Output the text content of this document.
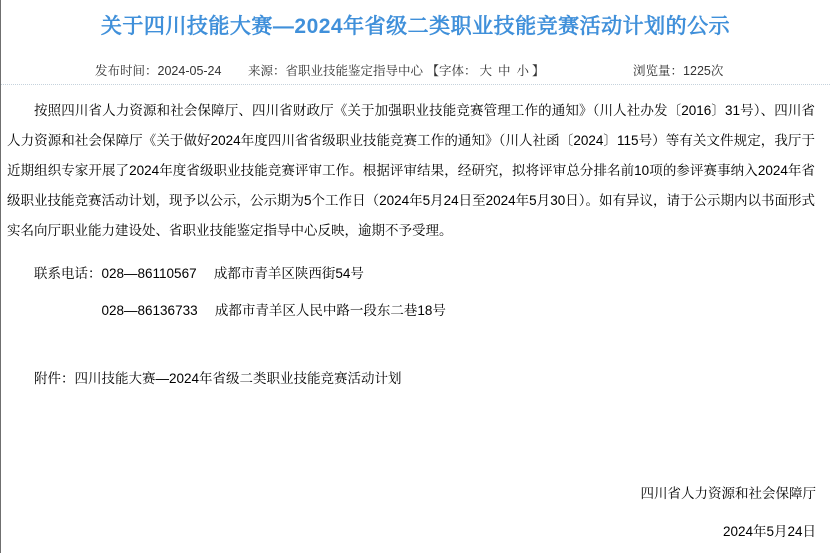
关于四川技能大赛—2024年省级二类职业技能竞赛活动计划的公示
发布时间：2024-05-24 来源：省职业技能鉴定指导中心 【字体： 大 中 小 】	浏览量：1225次

按照四川省人力资源和社会保障厅、四川省财政厅《关于加强职业技能竞赛管理工作的通知》（川人社办发〔2016〕31号）、四川省人力资源和社会保障厅《关于做好2024年度四川省省级职业技能竞赛工作的通知》（川人社函〔2024〕115号）等有关文件规定，我厅于近期组织专家开展了2024年度省级职业技能竞赛评审工作。根据评审结果，经研究，拟将评审总分排名前10项的参评赛事纳入2024年省级职业技能竞赛活动计划，现予以公示，公示期为5个工作日（2024年5月24日至2024年5月30日）。如有异议，请于公示期内以书面形式实名向厅职业能力建设处、省职业技能鉴定指导中心反映，逾期不予受理。

联系电话：028—86110567　 成都市青羊区陕西街54号

028—86136733　 成都市青羊区人民中路一段东二巷18号

附件：四川技能大赛—2024年省级二类职业技能竞赛活动计划

四川省人力资源和社会保障厅

2024年5月24日
